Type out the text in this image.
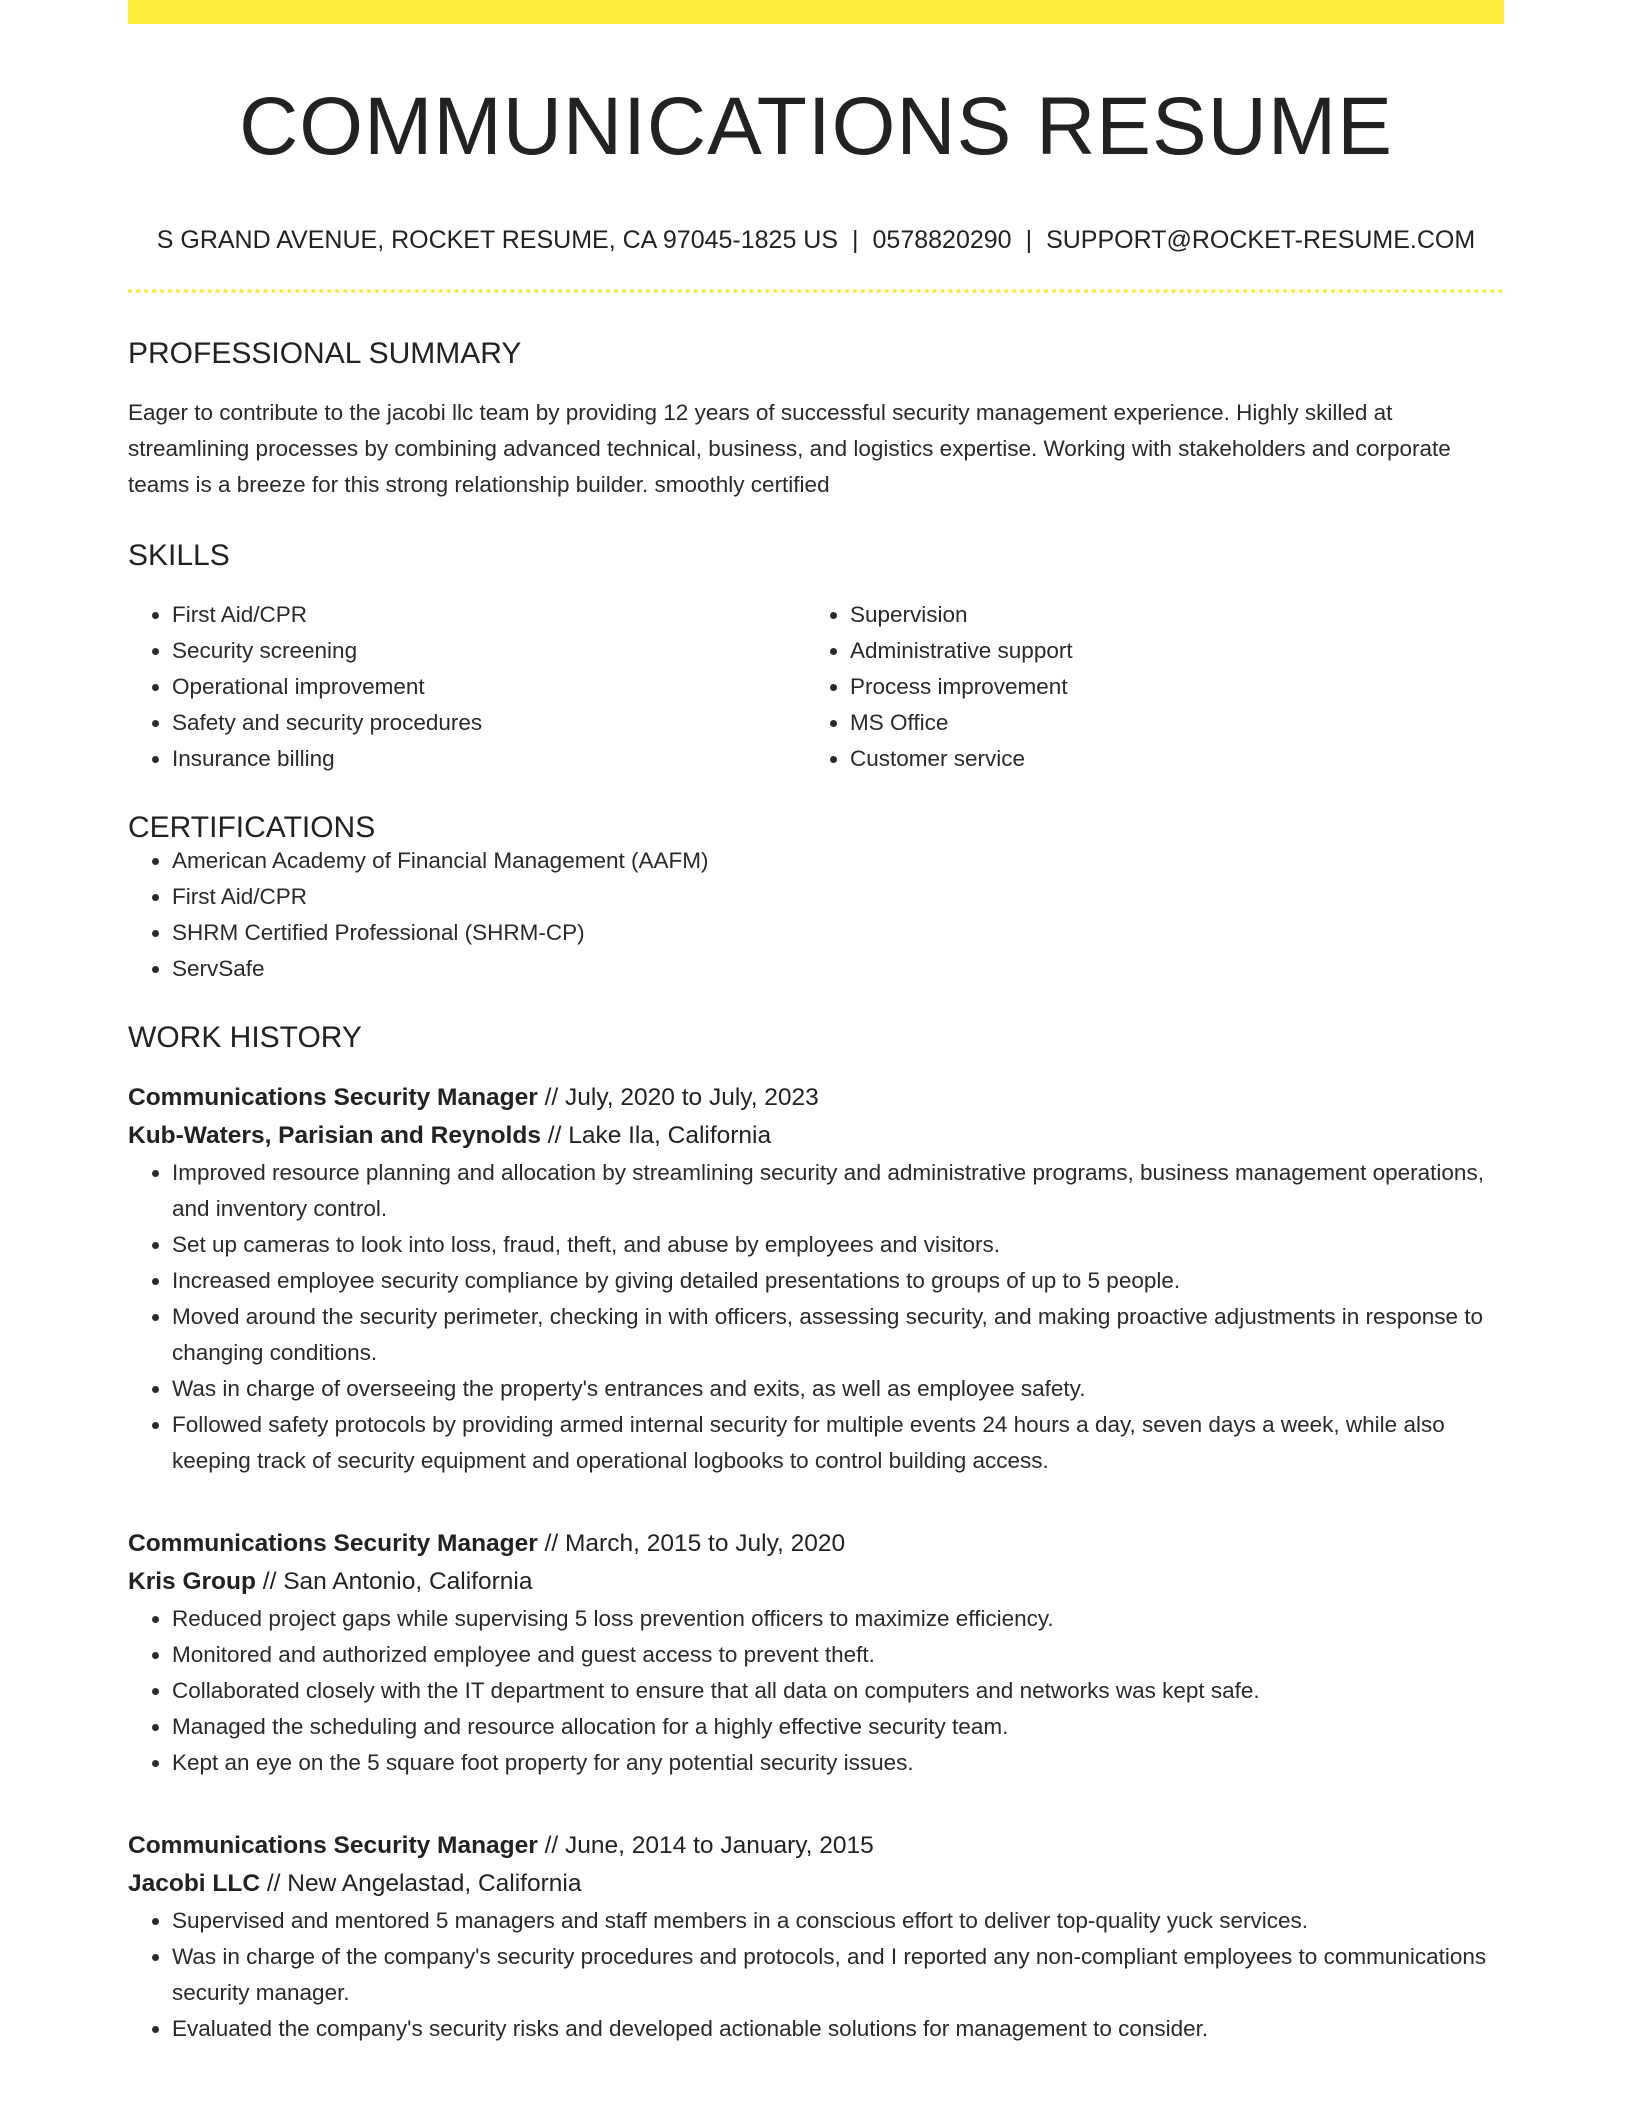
COMMUNICATIONS RESUME
S GRAND AVENUE, ROCKET RESUME, CA 97045-1825 US | 0578820290 | SUPPORT@ROCKET-RESUME.COM
PROFESSIONAL SUMMARY
Eager to contribute to the jacobi llc team by providing 12 years of successful security management experience. Highly skilled at streamlining processes by combining advanced technical, business, and logistics expertise. Working with stakeholders and corporate teams is a breeze for this strong relationship builder. smoothly certified
SKILLS
• First Aid/CPR
• Security screening
• Operational improvement
• Safety and security procedures
• Insurance billing
• Supervision
• Administrative support
• Process improvement
• MS Office
• Customer service
CERTIFICATIONS
• American Academy of Financial Management (AAFM)
• First Aid/CPR
• SHRM Certified Professional (SHRM-CP)
• ServSafe
WORK HISTORY
Communications Security Manager // July, 2020 to July, 2023
Kub-Waters, Parisian and Reynolds // Lake Ila, California
• Improved resource planning and allocation by streamlining security and administrative programs, business management operations, and inventory control.
• Set up cameras to look into loss, fraud, theft, and abuse by employees and visitors.
• Increased employee security compliance by giving detailed presentations to groups of up to 5 people.
• Moved around the security perimeter, checking in with officers, assessing security, and making proactive adjustments in response to changing conditions.
• Was in charge of overseeing the property's entrances and exits, as well as employee safety.
• Followed safety protocols by providing armed internal security for multiple events 24 hours a day, seven days a week, while also keeping track of security equipment and operational logbooks to control building access.
Communications Security Manager // March, 2015 to July, 2020
Kris Group // San Antonio, California
• Reduced project gaps while supervising 5 loss prevention officers to maximize efficiency.
• Monitored and authorized employee and guest access to prevent theft.
• Collaborated closely with the IT department to ensure that all data on computers and networks was kept safe.
• Managed the scheduling and resource allocation for a highly effective security team.
• Kept an eye on the 5 square foot property for any potential security issues.
Communications Security Manager // June, 2014 to January, 2015
Jacobi LLC // New Angelastad, California
• Supervised and mentored 5 managers and staff members in a conscious effort to deliver top-quality yuck services.
• Was in charge of the company's security procedures and protocols, and I reported any non-compliant employees to communications security manager.
• Evaluated the company's security risks and developed actionable solutions for management to consider.
